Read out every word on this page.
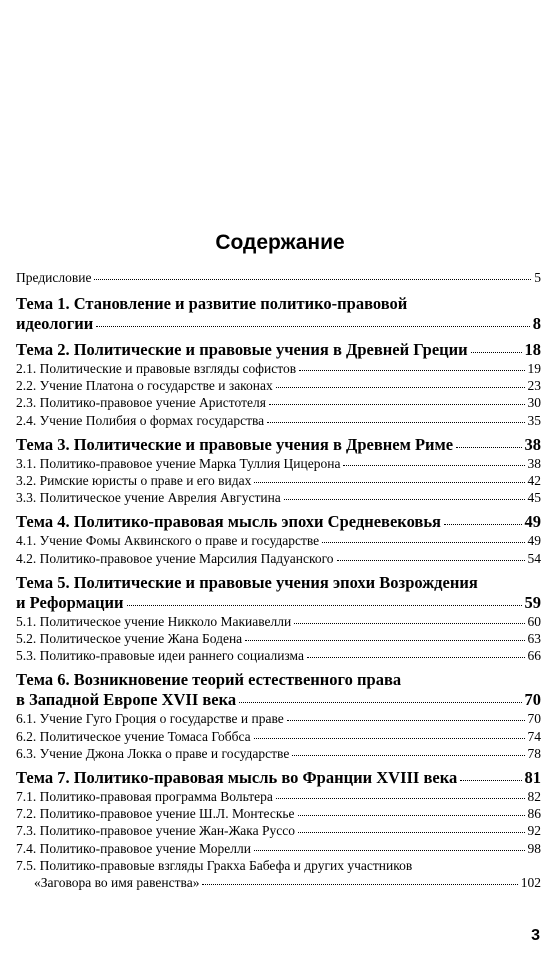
Содержание
Предисловие	5
Тема 1. Становление и развитие политико-правовой
идеологии	8
Тема 2. Политические и правовые учения в Древней Греции	18
2.1. Политические и правовые взгляды софистов	19
2.2. Учение Платона о государстве и законах	23
2.3. Политико-правовое учение Аристотеля	30
2.4. Учение Полибия о формах государства	35
Тема 3. Политические и правовые учения в Древнем Риме	38
3.1. Политико-правовое учение Марка Туллия Цицерона	38
3.2. Римские юристы о праве и его видах	42
3.3. Политическое учение Аврелия Августина	45
Тема 4. Политико-правовая мысль эпохи Средневековья	49
4.1. Учение Фомы Аквинского о праве и государстве	49
4.2. Политико-правовое учение Марсилия Падуанского	54
Тема 5. Политические и правовые учения эпохи Возрождения
и Реформации	59
5.1. Политическое учение Никколо Макиавелли	60
5.2. Политическое учение Жана Бодена	63
5.3. Политико-правовые идеи раннего социализма	66
Тема 6. Возникновение теорий естественного права
в Западной Европе XVII века	70
6.1. Учение Гуго Гроция о государстве и праве	70
6.2. Политическое учение Томаса Гоббса	74
6.3. Учение Джона Локка о праве и государстве	78
Тема 7. Политико-правовая мысль во Франции XVIII века	81
7.1. Политико-правовая программа Вольтера	82
7.2. Политико-правовое учение Ш.Л. Монтескье	86
7.3. Политико-правовое учение Жан-Жака Руссо	92
7.4. Политико-правовое учение Морелли	98
7.5. Политико-правовые взгляды Гракха Бабефа и других участников
«Заговора во имя равенства»	102
3
